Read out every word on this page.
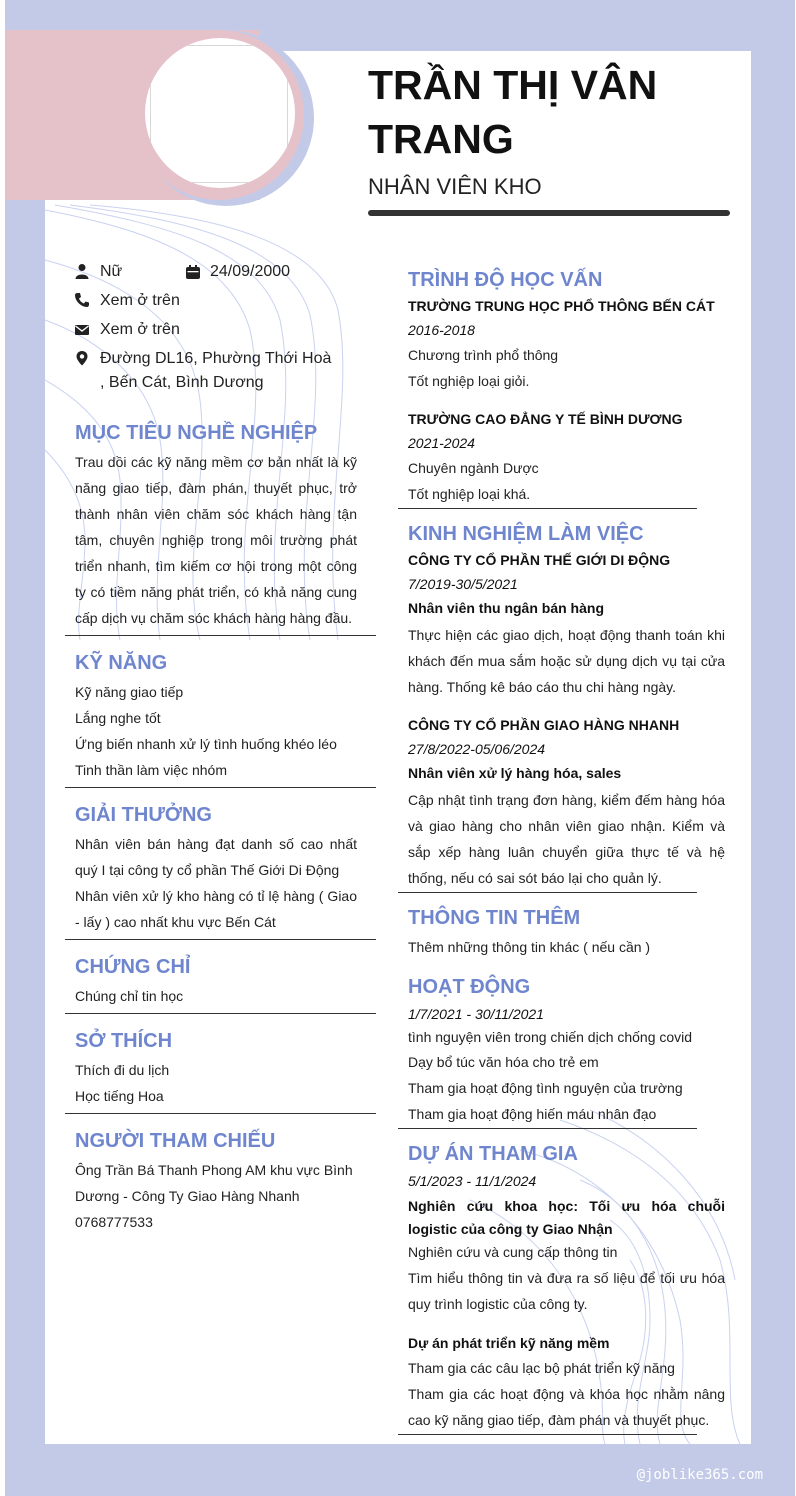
TRẦN THỊ VÂN TRANG
NHÂN VIÊN KHO
Nữ	24/09/2000
Xem ở trên
Xem ở trên
Đường DL16, Phường Thới Hoà , Bến Cát, Bình Dương
MỤC TIÊU NGHỀ NGHIỆP
Trau dồi các kỹ năng mềm cơ bản nhất là kỹ năng giao tiếp, đàm phán, thuyết phục, trở thành nhân viên chăm sóc khách hàng tận tâm, chuyên nghiệp trong môi trường phát triển nhanh, tìm kiếm cơ hội trong một công ty có tiềm năng phát triển, có khả năng cung cấp dịch vụ chăm sóc khách hàng hàng đầu.
KỸ NĂNG
Kỹ năng giao tiếp
Lắng nghe tốt
Ứng biến nhanh xử lý tình huống khéo léo
Tinh thần làm việc nhóm
GIẢI THƯỞNG
Nhân viên bán hàng đạt danh số cao nhất quý I tại công ty cổ phần Thế Giới Di Động
Nhân viên xử lý kho hàng có tỉ lệ hàng ( Giao - lấy ) cao nhất khu vực Bến Cát
CHỨNG CHỈ
Chúng chỉ tin học
SỞ THÍCH
Thích đi du lịch
Học tiếng Hoa
NGƯỜI THAM CHIẾU
Ông Trần Bá Thanh Phong AM khu vực Bình Dương - Công Ty Giao Hàng Nhanh
0768777533
TRÌNH ĐỘ HỌC VẤN
TRƯỜNG TRUNG HỌC PHỔ THÔNG BẾN CÁT
2016-2018
Chương trình phổ thông
Tốt nghiệp loại giỏi.
TRƯỜNG CAO ĐẲNG Y TẾ BÌNH DƯƠNG
2021-2024
Chuyên ngành Dược
Tốt nghiệp loại khá.
KINH NGHIỆM LÀM VIỆC
CÔNG TY CỔ PHẦN THẾ GIỚI DI ĐỘNG
7/2019-30/5/2021
Nhân viên thu ngân bán hàng
Thực hiện các giao dịch, hoạt động thanh toán khi khách đến mua sắm hoặc sử dụng dịch vụ tại cửa hàng. Thống kê báo cáo thu chi hàng ngày.
CÔNG TY CỔ PHẦN GIAO HÀNG NHANH
27/8/2022-05/06/2024
Nhân viên xử lý hàng hóa, sales
Cập nhật tình trạng đơn hàng, kiểm đếm hàng hóa và giao hàng cho nhân viên giao nhận. Kiểm và sắp xếp hàng luân chuyển giữa thực tế và hệ thống, nếu có sai sót báo lại cho quản lý.
THÔNG TIN THÊM
Thêm những thông tin khác ( nếu cần )
HOẠT ĐỘNG
1/7/2021 - 30/11/2021
tình nguyện viên trong chiến dịch chống covid
Dạy bổ túc văn hóa cho trẻ em
Tham gia hoạt động tình nguyện của trường
Tham gia hoạt động hiến máu nhân đạo
DỰ ÁN THAM GIA
5/1/2023 - 11/1/2024
Nghiên cứu khoa học: Tối ưu hóa chuỗi logistic của công ty Giao Nhận
Nghiên cứu và cung cấp thông tin
Tìm hiểu thông tin và đưa ra số liệu để tối ưu hóa quy trình logistic của công ty.
Dự án phát triển kỹ năng mềm
Tham gia các câu lạc bộ phát triển kỹ năng
Tham gia các hoạt động và khóa học nhằm nâng cao kỹ năng giao tiếp, đàm phán và thuyết phục.
@joblike365.com
